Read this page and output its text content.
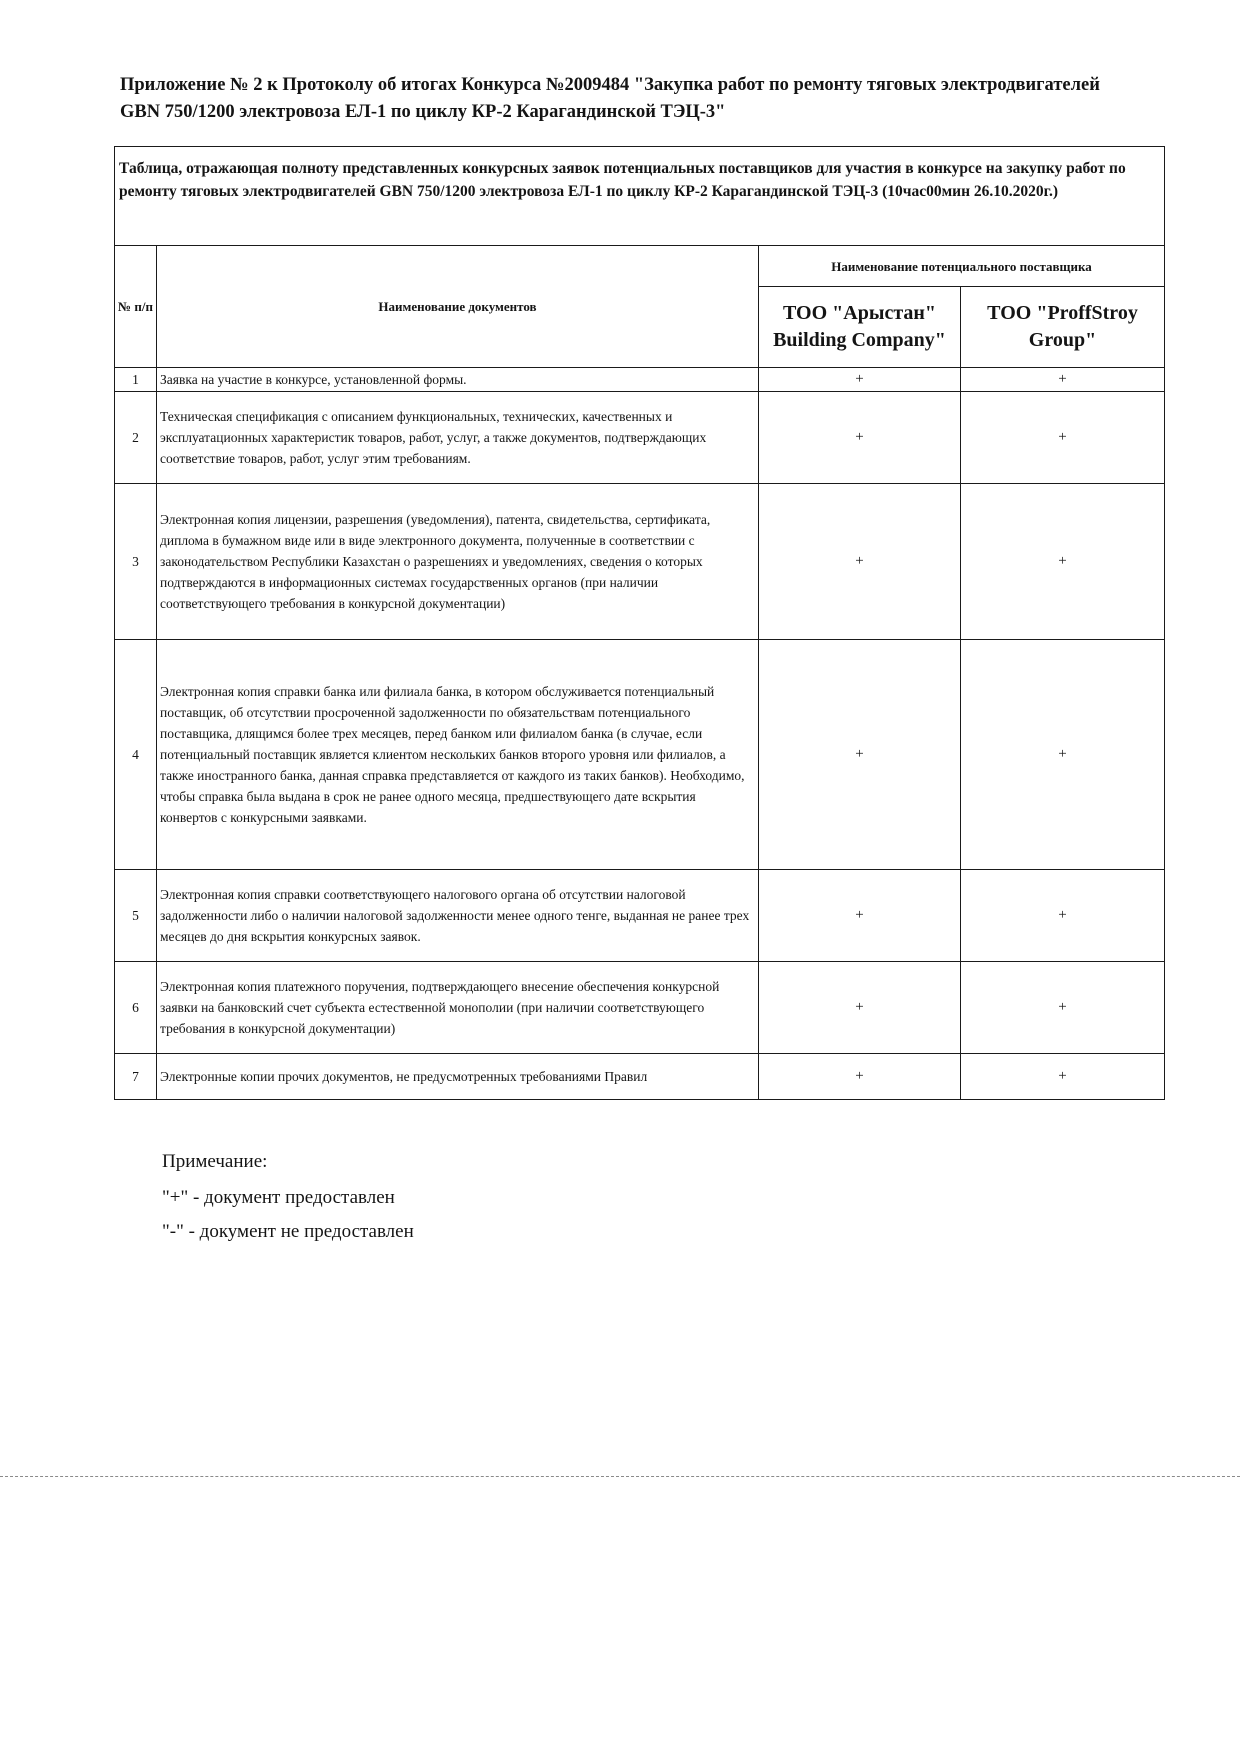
Приложение № 2 к Протоколу об итогах Конкурса №2009484 "Закупка работ по ремонту тяговых электродвигателей GBN 750/1200 электровоза ЕЛ-1 по циклу КР-2 Карагандинской ТЭЦ-3"
Таблица, отражающая полноту представленных конкурсных заявок потенциальных поставщиков для участия в конкурсе на закупку работ по ремонту тяговых электродвигателей GBN 750/1200 электровоза ЕЛ-1 по циклу КР-2 Карагандинской ТЭЦ-3 (10час00мин 26.10.2020г.)			
№ п/п	Наименование документов	Наименование потенциального поставщика	
		ТОО "Арыстан" Building Company"	ТОО "ProffStroy Group"
1	Заявка на участие в конкурсе, установленной формы.	+	+
2	Техническая спецификация с описанием функциональных, технических, качественных и эксплуатационных характеристик товаров, работ, услуг, а также документов, подтверждающих соответствие товаров, работ, услуг этим требованиям.	+	+
3	Электронная копия лицензии, разрешения (уведомления), патента, свидетельства, сертификата, диплома в бумажном виде или в виде электронного документа, полученные в соответствии с законодательством Республики Казахстан о разрешениях и уведомлениях, сведения о которых подтверждаются в информационных системах государственных органов (при наличии соответствующего требования в конкурсной документации)	+	+
4	Электронная копия справки банка или филиала банка, в котором обслуживается потенциальный поставщик, об отсутствии просроченной задолженности по обязательствам потенциального поставщика, длящимся более трех месяцев, перед банком или филиалом банка (в случае, если потенциальный поставщик является клиентом нескольких банков второго уровня или филиалов, а также иностранного банка, данная справка представляется от каждого из таких банков). Необходимо, чтобы справка была выдана в срок не ранее одного месяца, предшествующего дате вскрытия конвертов с конкурсными заявками.	+	+
5	Электронная копия справки соответствующего налогового органа об отсутствии налоговой задолженности либо о наличии налоговой задолженности менее одного тенге, выданная не ранее трех месяцев до дня вскрытия конкурсных заявок.	+	+
6	Электронная копия платежного поручения, подтверждающего внесение обеспечения конкурсной заявки на банковский счет субъекта естественной монополии (при наличии соответствующего требования в конкурсной документации)	+	+
7	Электронные копии прочих документов, не предусмотренных требованиями Правил	+	+
Примечание:
"+" - документ предоставлен
"-" - документ не предоставлен
